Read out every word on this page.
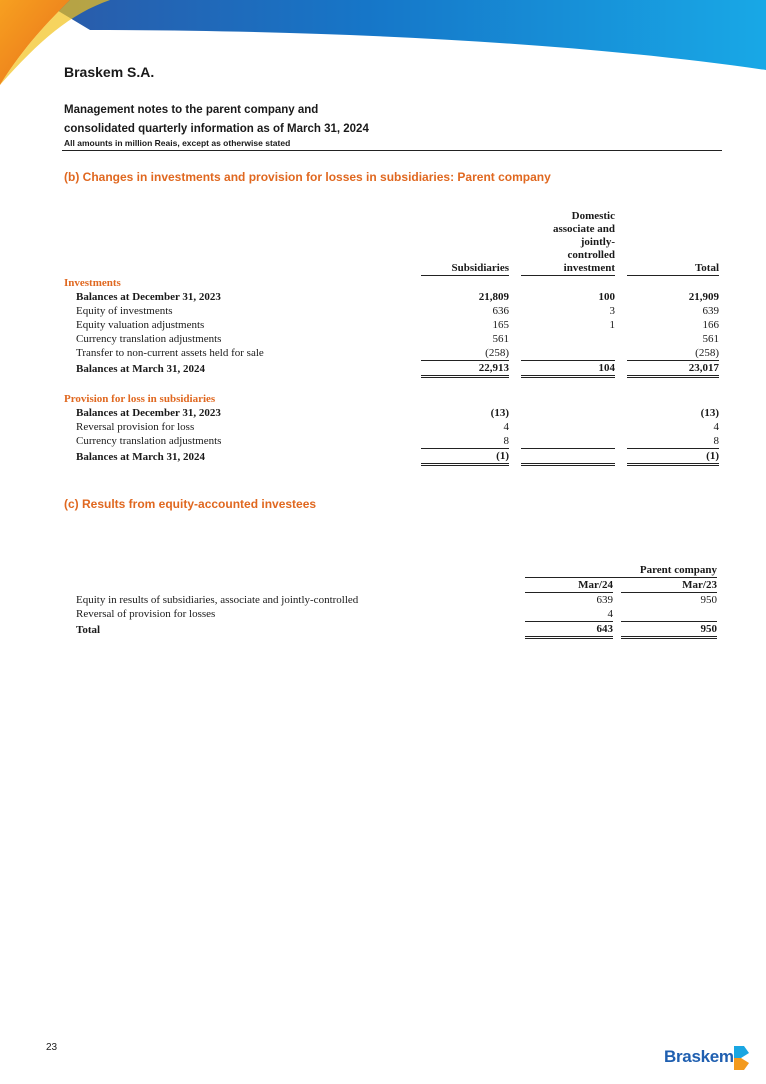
Braskem S.A.
Management notes to the parent company and
consolidated quarterly information as of March 31, 2024
All amounts in million Reais, except as otherwise stated
(b) Changes in investments and provision for losses in subsidiaries: Parent company
	Subsidiaries		Domestic
associate and
jointly-
controlled
investment		Total
Investments					
Balances at December 31, 2023	21,809		100		21,909
Equity of investments	636		3		639
Equity valuation adjustments	165		1		166
Currency translation adjustments	561				561
Transfer to non-current assets held for sale	(258)				(258)
Balances at March 31, 2024	22,913		104		23,017

Provision for loss in subsidiaries					
Balances at December 31, 2023	(13)				(13)
Reversal provision for loss	4				4
Currency translation adjustments	8				8
Balances at March 31, 2024	(1)				(1)
(c) Results from equity-accounted investees
			Parent company
	Mar/24		Mar/23
Equity in results of subsidiaries, associate and jointly-controlled	639		950
Reversal of provision for losses	4		
Total	643		950
23	Braskem
